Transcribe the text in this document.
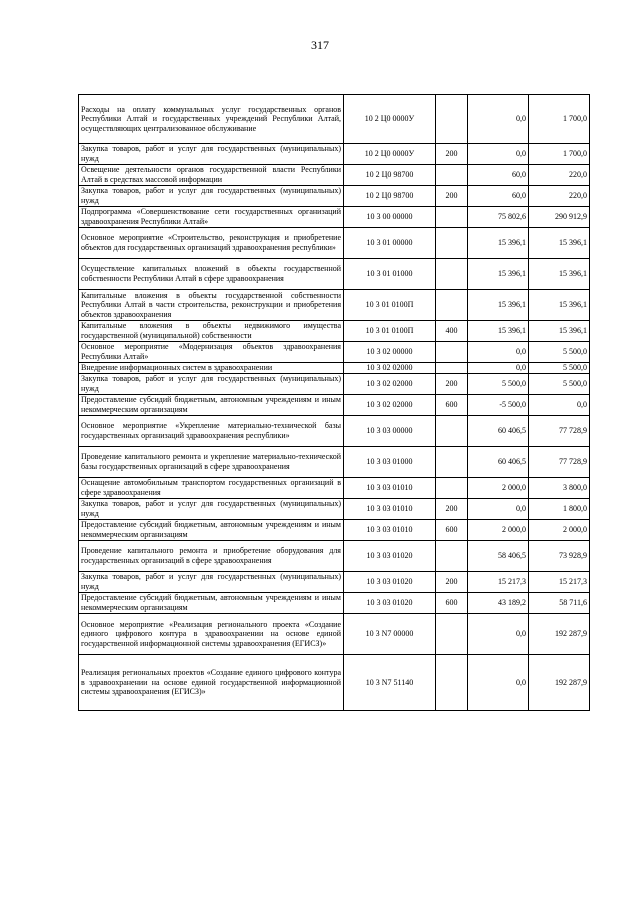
317
Расходы на оплату коммунальных услуг государственных органов Республики Алтай и государственных учреждений Республики Алтай, осуществляющих централизованное обслуживание	10 2 Ц0 0000У		0,0	1 700,0
Закупка товаров, работ и услуг для государственных (муниципальных) нужд	10 2 Ц0 0000У	200	0,0	1 700,0
Освещение деятельности органов государственной власти Республики Алтай в средствах массовой информации	10 2 Ц0 98700		60,0	220,0
Закупка товаров, работ и услуг для государственных (муниципальных) нужд	10 2 Ц0 98700	200	60,0	220,0
Подпрограмма «Совершенствование сети государственных организаций здравоохранения Республики Алтай»	10 3 00 00000		75 802,6	290 912,9
Основное мероприятие «Строительство, реконструкция и приобретение объектов для государственных организаций здравоохранения республики»	10 3 01 00000		15 396,1	15 396,1
Осуществление капитальных вложений в объекты государственной собственности Республики Алтай в сфере здравоохранения	10 3 01 01000		15 396,1	15 396,1
Капитальные вложения в объекты государственной собственности Республики Алтай в части строительства, реконструкции и приобретения объектов здравоохранения	10 3 01 0100П		15 396,1	15 396,1
Капитальные вложения в объекты недвижимого имущества государственной (муниципальной) собственности	10 3 01 0100П	400	15 396,1	15 396,1
Основное мероприятие «Модернизация объектов здравоохранения Республики Алтай»	10 3 02 00000		0,0	5 500,0
Внедрение информационных систем в здравоохранении	10 3 02 02000		0,0	5 500,0
Закупка товаров, работ и услуг для государственных (муниципальных) нужд	10 3 02 02000	200	5 500,0	5 500,0
Предоставление субсидий бюджетным, автономным учреждениям и иным некоммерческим организациям	10 3 02 02000	600	-5 500,0	0,0
Основное мероприятие «Укрепление материально-технической базы государственных организаций здравоохранения республики»	10 3 03 00000		60 406,5	77 728,9
Проведение капитального ремонта и укрепление материально-технической базы государственных организаций в сфере здравоохранения	10 3 03 01000		60 406,5	77 728,9
Оснащение автомобильным транспортом государственных организаций в сфере здравоохранения	10 3 03 01010		2 000,0	3 800,0
Закупка товаров, работ и услуг для государственных (муниципальных) нужд	10 3 03 01010	200	0,0	1 800,0
Предоставление субсидий бюджетным, автономным учреждениям и иным некоммерческим организациям	10 3 03 01010	600	2 000,0	2 000,0
Проведение капитального ремонта и приобретение оборудования для государственных организаций в сфере здравоохранения	10 3 03 01020		58 406,5	73 928,9
Закупка товаров, работ и услуг для государственных (муниципальных) нужд	10 3 03 01020	200	15 217,3	15 217,3
Предоставление субсидий бюджетным, автономным учреждениям и иным некоммерческим организациям	10 3 03 01020	600	43 189,2	58 711,6
Основное мероприятие «Реализация регионального проекта «Создание единого цифрового контура в здравоохранении на основе единой государственной информационной системы здравоохранения (ЕГИСЗ)»	10 3 N7 00000		0,0	192 287,9
Реализация региональных проектов «Создание единого цифрового контура в здравоохранении на основе единой государственной информационной системы здравоохранения (ЕГИСЗ)»	10 3 N7 51140		0,0	192 287,9
